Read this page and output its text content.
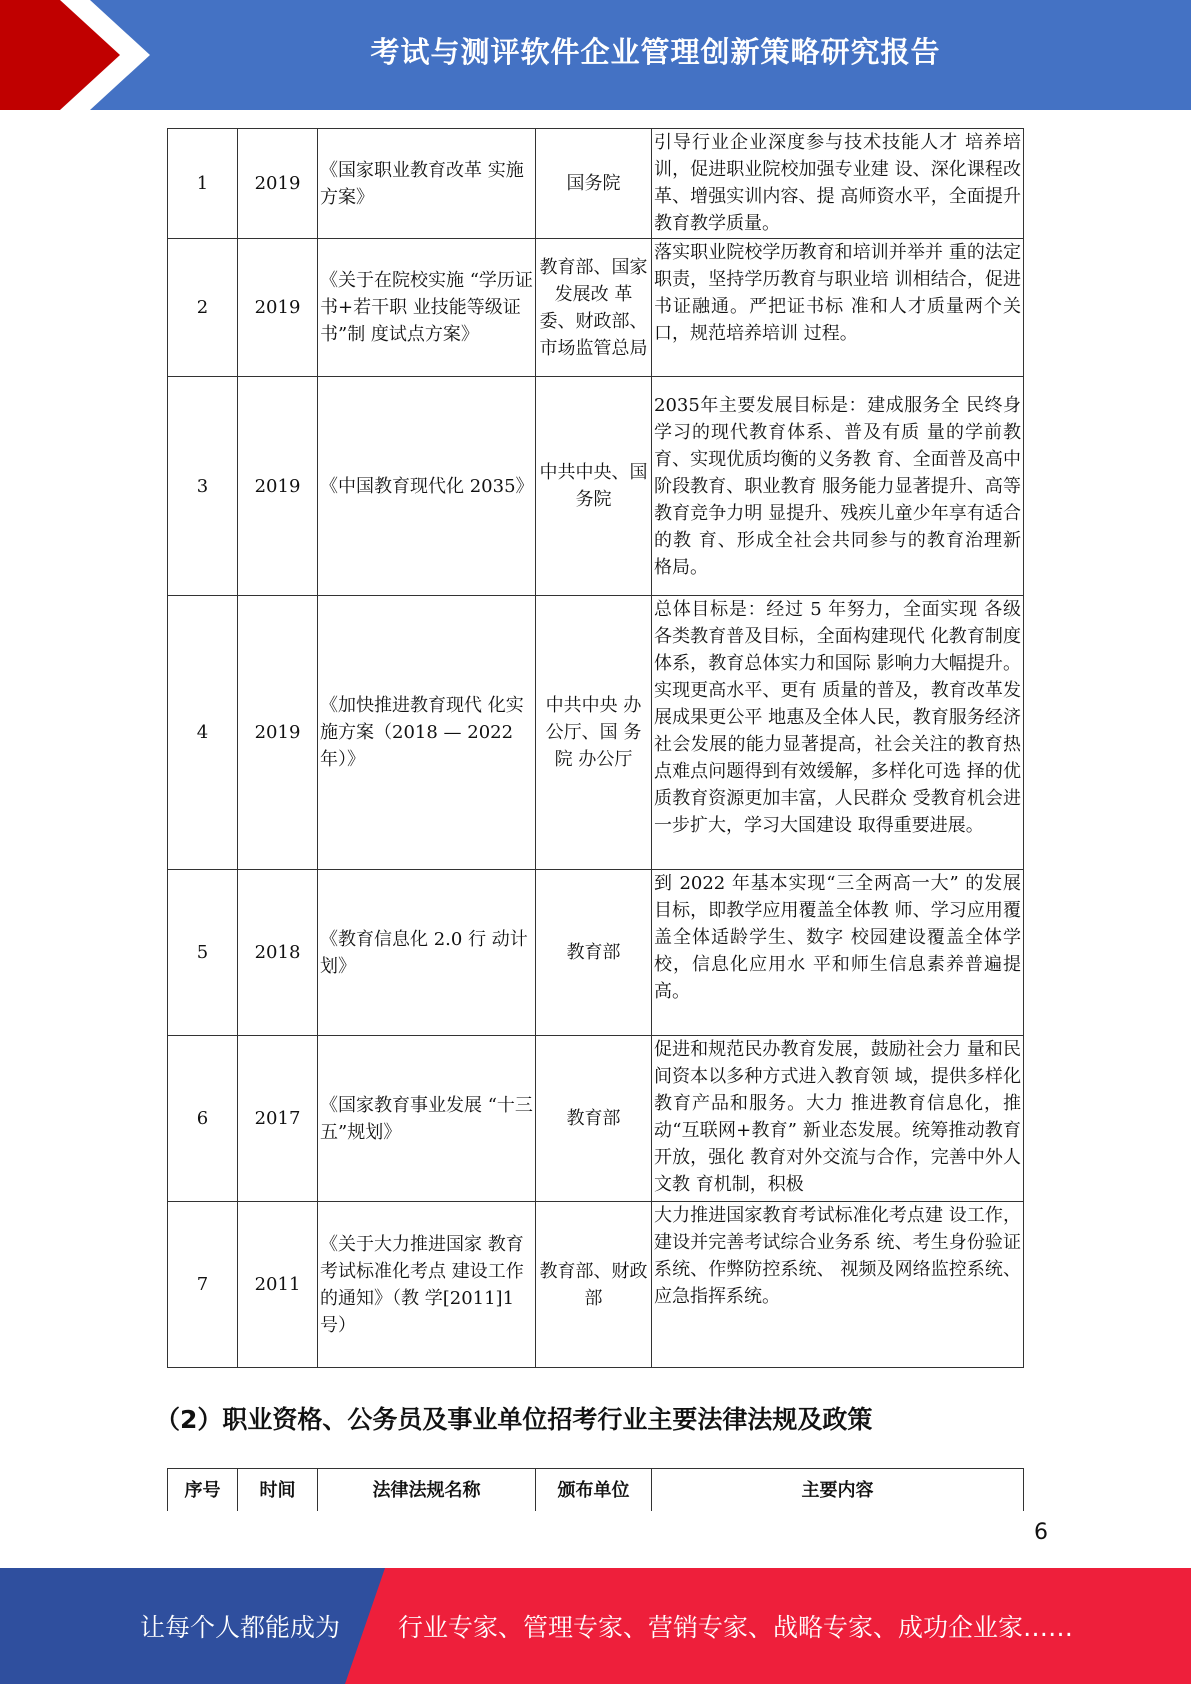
考试与测评软件企业管理创新策略研究报告
1	2019	《国家职业教育改革 实施方案》	国务院	引导行业企业深度参与技术技能人才 培养培训，促进职业院校加强专业建 设、深化课程改革、增强实训内容、提 高师资水平，全面提升教育教学质量。
2	2019	《关于在院校实施 “学历证书+若干职 业技能等级证书”制 度试点方案》	教育部、国家发展改 革委、财政部、市场监管总局	落实职业院校学历教育和培训并举并 重的法定职责，坚持学历教育与职业培 训相结合，促进书证融通。严把证书标 准和人才质量两个关口，规范培养培训 过程。
3	2019	《中国教育现代化 2035》	中共中央、国务院	2035年主要发展目标是：建成服务全 民终身学习的现代教育体系、普及有质 量的学前教育、实现优质均衡的义务教 育、全面普及高中阶段教育、职业教育 服务能力显著提升、高等教育竞争力明 显提升、残疾儿童少年享有适合的教 育、形成全社会共同参与的教育治理新 格局。
4	2019	《加快推进教育现代 化实施方案（2018 — 2022 年）》	中共中央 办公厅、国 务院 办公厅	总体目标是：经过 5 年努力，全面实现 各级各类教育普及目标，全面构建现代 化教育制度体系，教育总体实力和国际 影响力大幅提升。实现更高水平、更有 质量的普及，教育改革发展成果更公平 地惠及全体人民，教育服务经济社会发展的能力显著提高，社会关注的教育热 点难点问题得到有效缓解，多样化可选 择的优质教育资源更加丰富，人民群众 受教育机会进一步扩大，学习大国建设 取得重要进展。
5	2018	《教育信息化 2.0 行 动计划》	教育部	到 2022 年基本实现“三全两高一大” 的发展目标，即教学应用覆盖全体教 师、学习应用覆盖全体适龄学生、数字 校园建设覆盖全体学校，信息化应用水 平和师生信息素养普遍提高。
6	2017	《国家教育事业发展 “十三五”规划》	教育部	促进和规范民办教育发展，鼓励社会力 量和民间资本以多种方式进入教育领 域，提供多样化教育产品和服务。大力 推进教育信息化，推动“互联网+教育” 新业态发展。统筹推动教育开放，强化 教育对外交流与合作，完善中外人文教 育机制，积极
7	2011	《关于大力推进国家 教育考试标准化考点 建设工作的通知》（教 学[2011]1 号）	教育部、财政部	大力推进国家教育考试标准化考点建 设工作，建设并完善考试综合业务系 统、考生身份验证系统、作弊防控系统、 视频及网络监控系统、应急指挥系统。
（2）职业资格、公务员及事业单位招考行业主要法律法规及政策
序号	时间	法律法规名称	颁布单位	主要内容
6
让每个人都能成为 行业专家、管理专家、营销专家、战略专家、成功企业家……
